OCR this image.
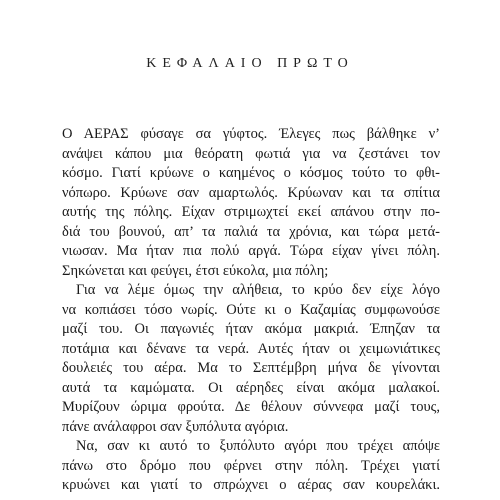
ΚΕΦΑΛΑΙΟ ΠΡΩΤΟ
Ο ΑΕΡΑΣ φύσαγε σα γύφτος. Έλεγες πως βάλθηκε ν’
ανάψει κάπου μια θεόρατη φωτιά για να ζεστάνει τον
κόσμο. Γιατί κρύωνε ο καημένος ο κόσμος τούτο το φθι-
νόπωρο. Κρύωνε σαν αμαρτωλός. Κρύωναν και τα σπίτια
αυτής της πόλης. Είχαν στριμωχτεί εκεί απάνου στην πο-
διά του βουνού, απ’ τα παλιά τα χρόνια, και τώρα μετά-
νιωσαν. Μα ήταν πια πολύ αργά. Τώρα είχαν γίνει πόλη.
Σηκώνεται και φεύγει, έτσι εύκολα, μια πόλη;
Για να λέμε όμως την αλήθεια, το κρύο δεν είχε λόγο
να κοπιάσει τόσο νωρίς. Ούτε κι ο Καζαμίας συμφωνούσε
μαζί του. Οι παγωνιές ήταν ακόμα μακριά. Έπηζαν τα
ποτάμια και δένανε τα νερά. Αυτές ήταν οι χειμωνιάτικες
δουλειές του αέρα. Μα το Σεπτέμβρη μήνα δε γίνονται
αυτά τα καμώματα. Οι αέρηδες είναι ακόμα μαλακοί.
Μυρίζουν ώριμα φρούτα. Δε θέλουν σύννεφα μαζί τους,
πάνε ανάλαφροι σαν ξυπόλυτα αγόρια.
Να, σαν κι αυτό το ξυπόλυτο αγόρι που τρέχει απόψε
πάνω στο δρόμο που φέρνει στην πόλη. Τρέχει γιατί
κρυώνει και γιατί το σπρώχνει ο αέρας σαν κουρελάκι.
